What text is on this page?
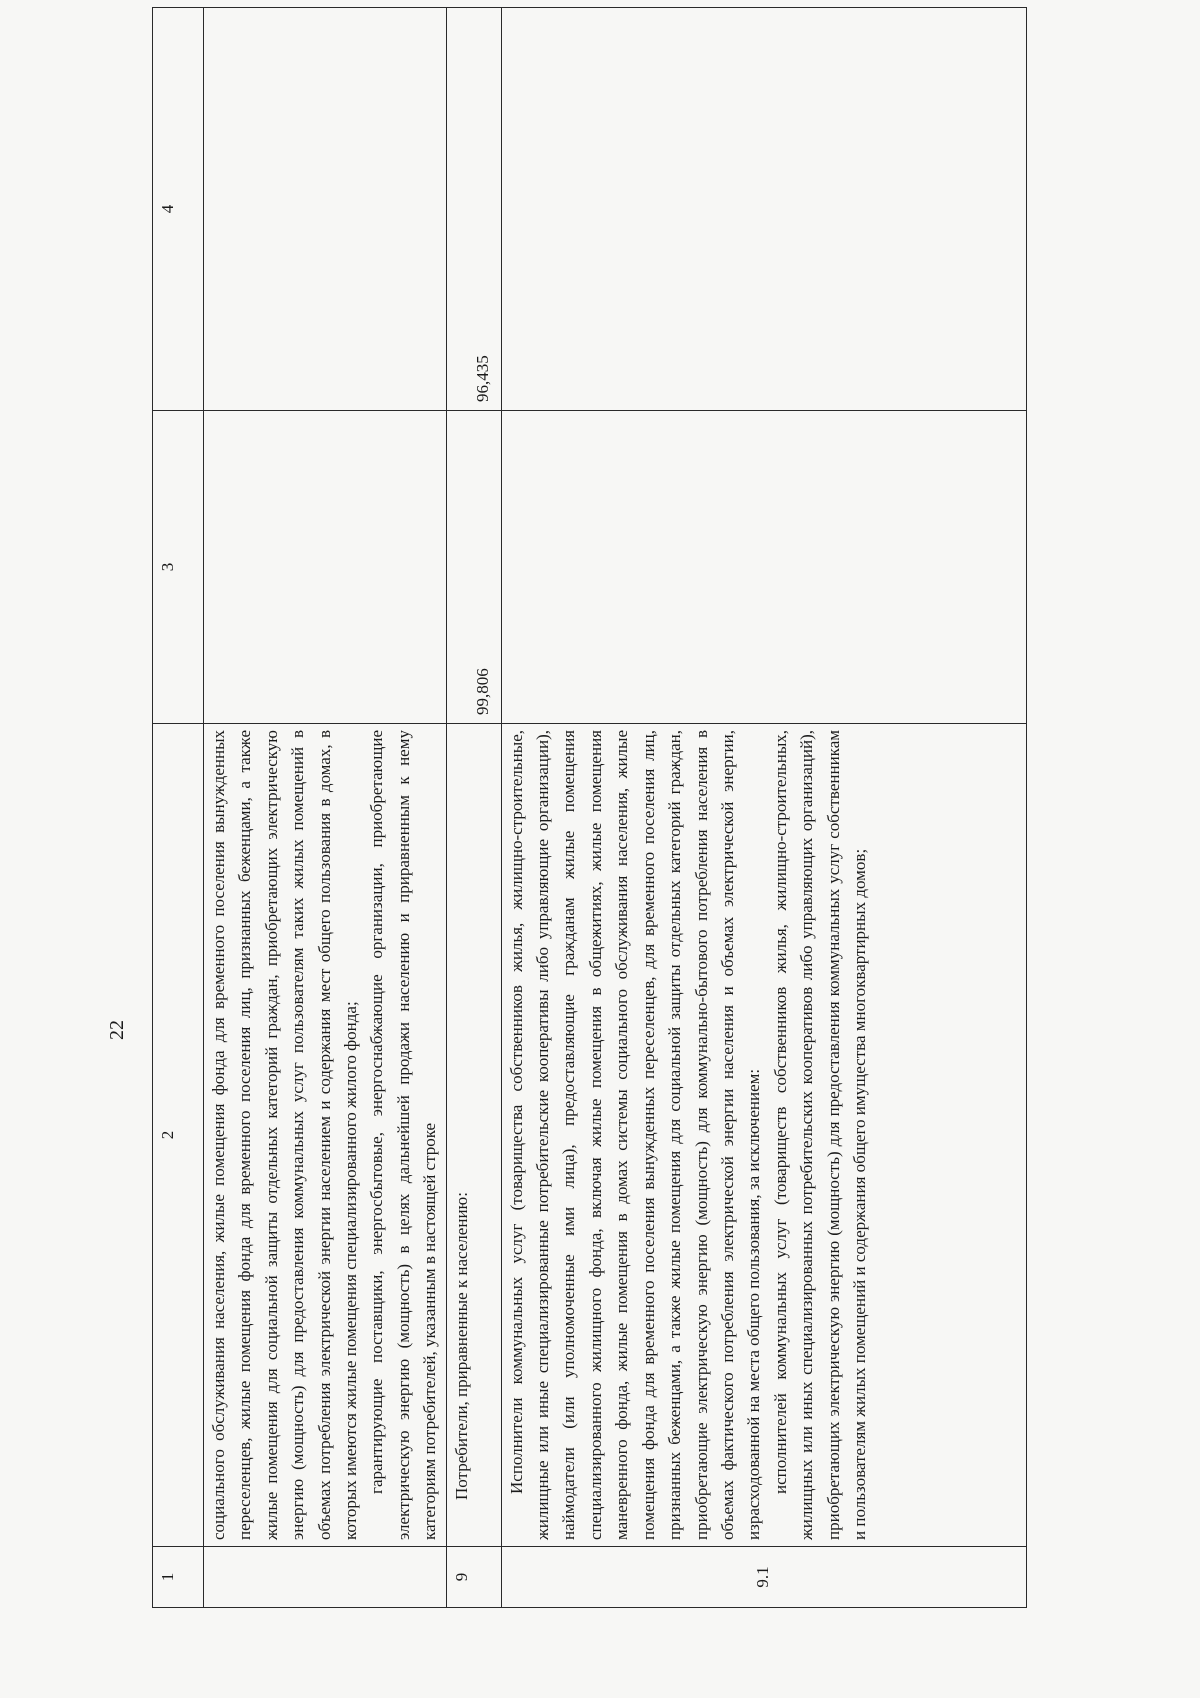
22
1	2	3	4

	социального обслуживания населения, жилые помещения фонда для временного поселения вынужденных переселенцев, жилые помещения фонда для временного поселения лиц, признанных беженцами, а также жилые помещения для социальной защиты отдельных категорий граждан, приобретающих электрическую энергию (мощность) для предоставления коммунальных услуг пользователям таких жилых помещений в объемах потребления электрической энергии населением и содержания мест общего пользования в домах, в которых имеются жилые помещения специализированного жилого фонда; гарантирующие поставщики, энергосбытовые, энергоснабжающие организации, приобретающие электрическую энергию (мощность) в целях дальнейшей продажи населению и приравненным к нему категориям потребителей, указанным в настоящей строке		

9	Потребители, приравненные к населению:	99,806	96,435
9.1	Исполнители коммунальных услуг (товарищества собственников жилья, жилищно-строительные, жилищные или иные специализированные потребительские кооперативы либо управляющие организации), наймодатели (или уполномоченные ими лица), предоставляющие гражданам жилые помещения специализированного жилищного фонда, включая жилые помещения в общежитиях, жилые помещения маневренного фонда, жилые помещения в домах системы социального обслуживания населения, жилые помещения фонда для временного поселения вынужденных переселенцев, для временного поселения лиц, признанных беженцами, а также жилые помещения для социальной защиты отдельных категорий граждан, приобретающие электрическую энергию (мощность) для коммунально-бытового потребления населения в объемах фактического потребления электрической энергии населения и объемах электрической энергии, израсходованной на места общего пользования, за исключением: исполнителей коммунальных услуг (товариществ собственников жилья, жилищно-строительных, жилищных или иных специализированных потребительских кооперативов либо управляющих организаций), приобретающих электрическую энергию (мощность) для предоставления коммунальных услуг собственникам и пользователям жилых помещений и содержания общего имущества многоквартирных домов;		
